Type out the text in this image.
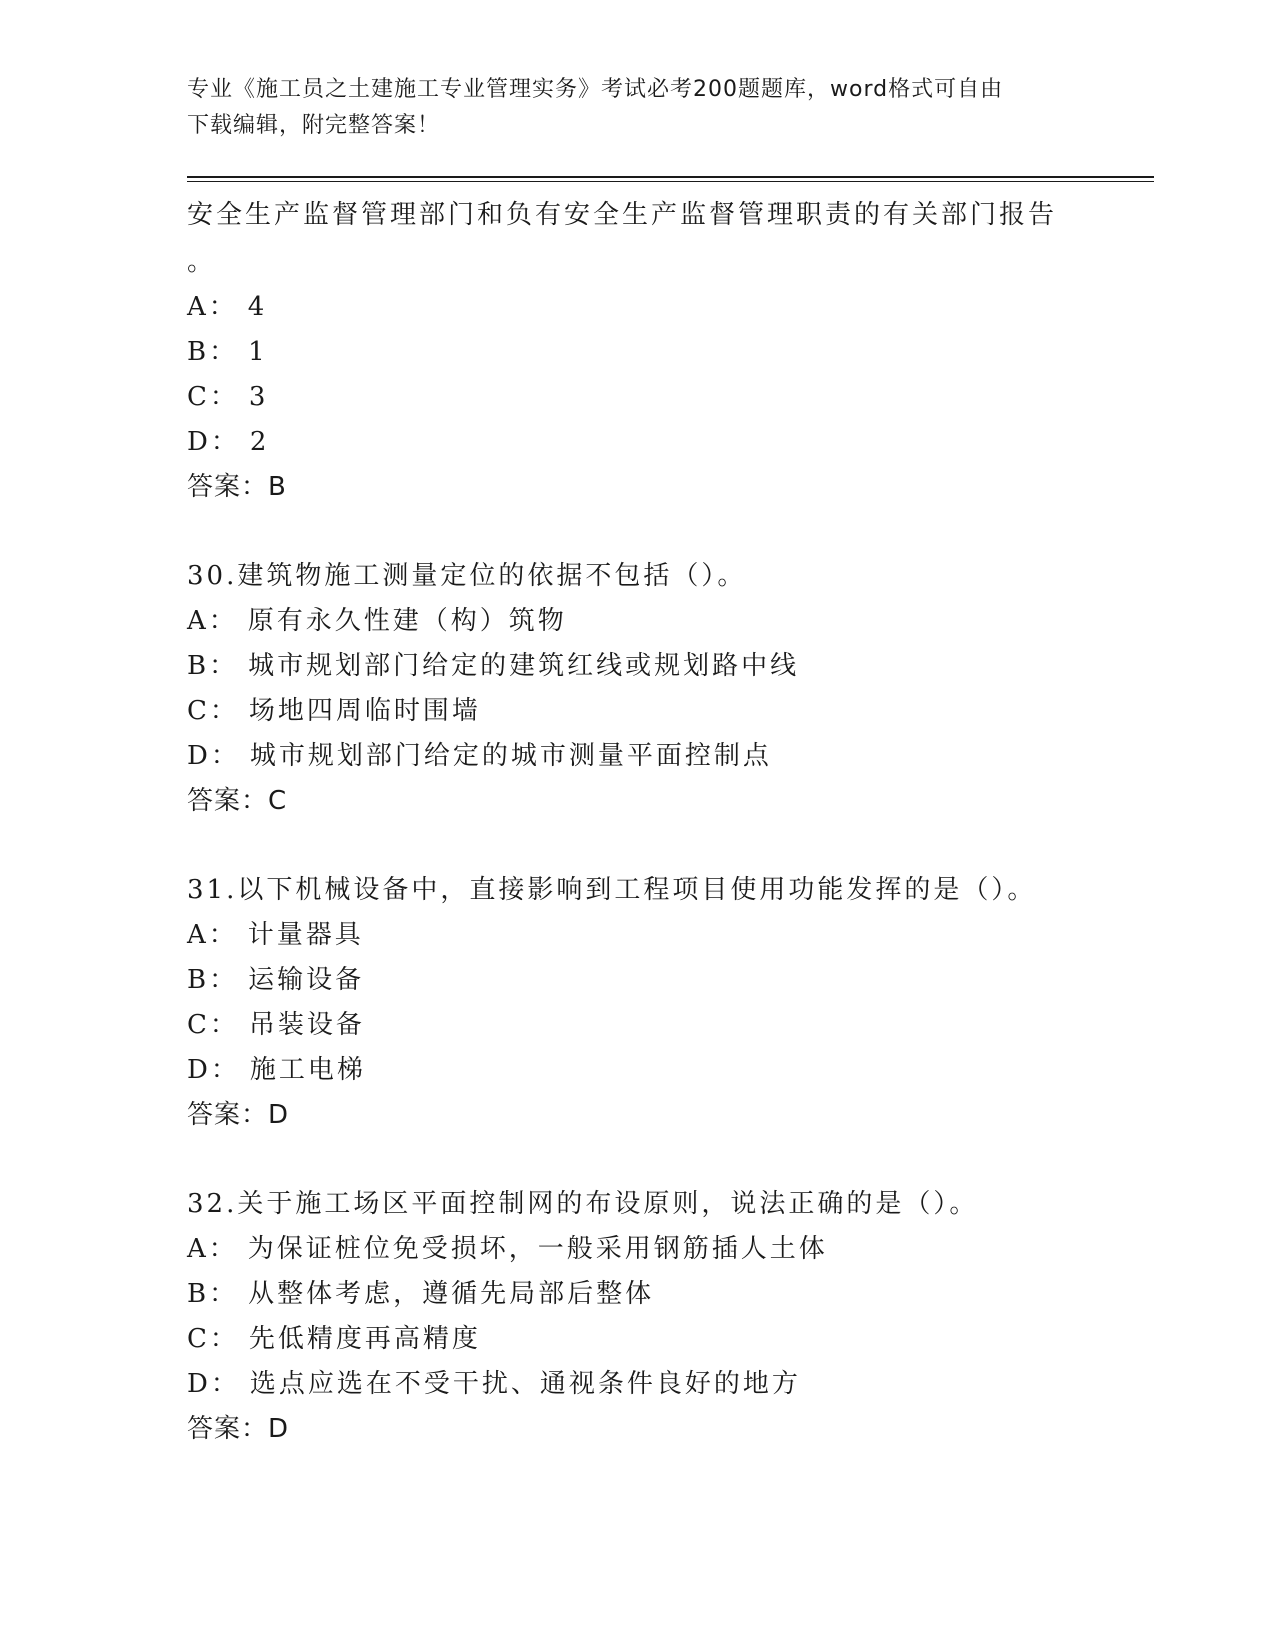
专业《施工员之土建施工专业管理实务》考试必考200题题库，word格式可自由
下载编辑，附完整答案！
安全生产监督管理部门和负有安全生产监督管理职责的有关部门报告
。
A： 4
B： 1
C： 3
D： 2
答案：B
30.建筑物施工测量定位的依据不包括（）。
A： 原有永久性建（构）筑物
B： 城市规划部门给定的建筑红线或规划路中线
C： 场地四周临时围墙
D： 城市规划部门给定的城市测量平面控制点
答案：C
31.以下机械设备中，直接影响到工程项目使用功能发挥的是（）。
A： 计量器具
B： 运输设备
C： 吊装设备
D： 施工电梯
答案：D
32.关于施工场区平面控制网的布设原则，说法正确的是（）。
A： 为保证桩位免受损坏，一般采用钢筋插人土体
B： 从整体考虑，遵循先局部后整体
C： 先低精度再高精度
D： 选点应选在不受干扰、通视条件良好的地方
答案：D
